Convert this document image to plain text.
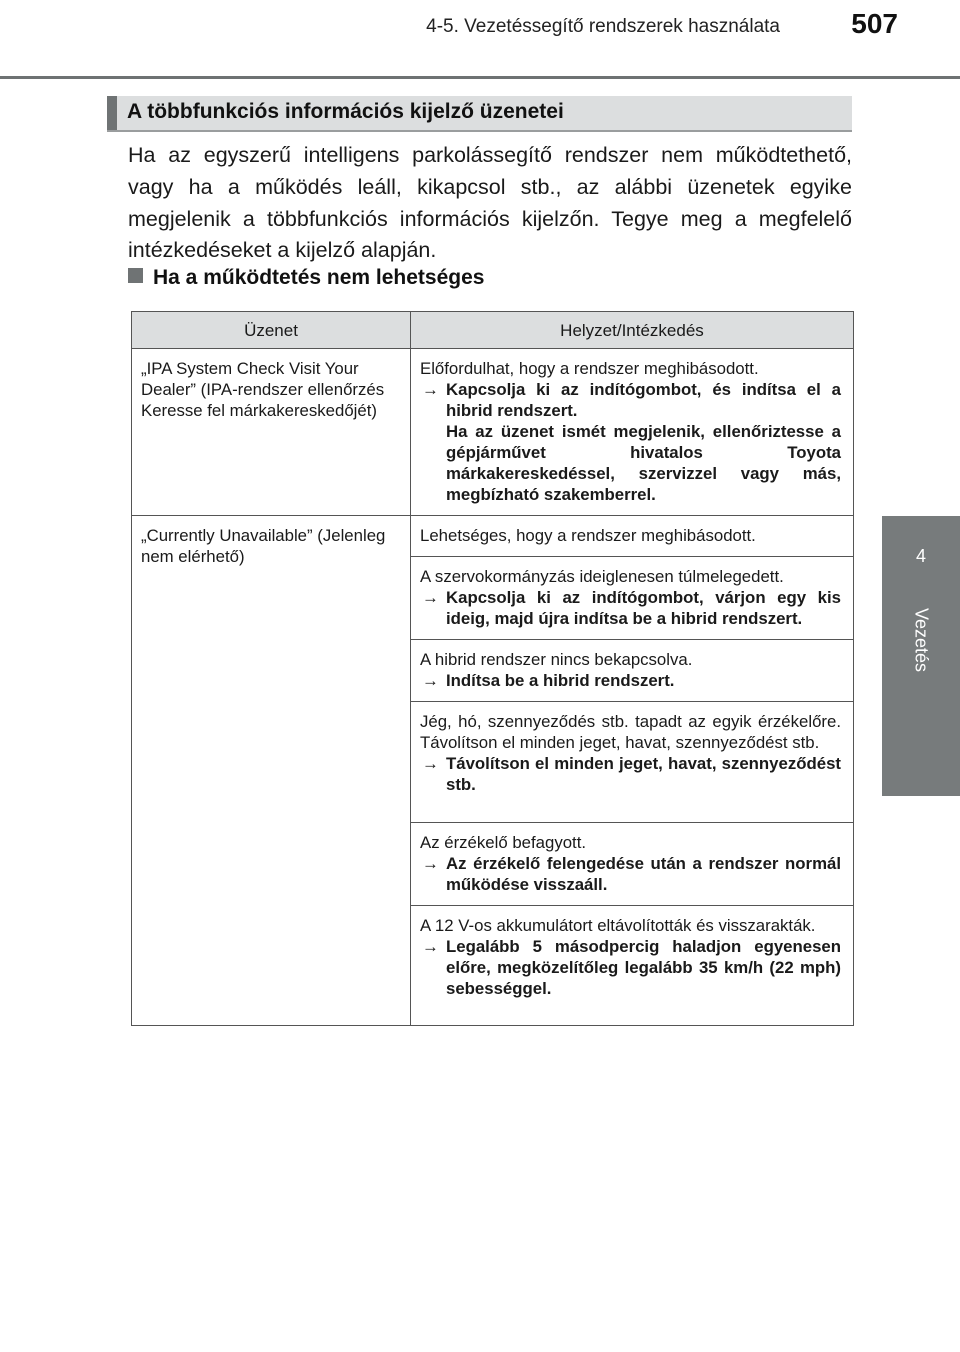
4-5. Vezetéssegítő rendszerek használata	507
4
Vezetés
A többfunkciós információs kijelző üzenetei
Ha az egyszerű intelligens parkolássegítő rendszer nem működtethető, vagy ha a működés leáll, kikapcsol stb., az alábbi üzenetek egyike megjelenik a többfunkciós információs kijelzőn. Tegye meg a megfelelő intézkedéseket a kijelző alapján.
Ha a működtetés nem lehetséges
Üzenet	Helyzet/Intézkedés
„IPA System Check Visit Your Dealer” (IPA-rendszer ellenőrzés Keresse fel márkakereskedőjét)	Előfordulhat, hogy a rendszer meghibásodott.
→ Kapcsolja ki az indítógombot, és indítsa el a hibrid rendszert.
Ha az üzenet ismét megjelenik, ellenőriztesse a gépjárművet hivatalos Toyota márkakereskedéssel, szervizzel vagy más, megbízható szakemberrel.

„Currently Unavailable” (Jelenleg nem elérhető)	Lehetséges, hogy a rendszer meghibásodott.

	A szervokormányzás ideiglenesen túlmelegedett.
→ Kapcsolja ki az indítógombot, várjon egy kis ideig, majd újra indítsa be a hibrid rendszert.

	A hibrid rendszer nincs bekapcsolva.
→ Indítsa be a hibrid rendszert.

	Jég, hó, szennyeződés stb. tapadt az egyik érzékelőre. Távolítson el minden jeget, havat, szennyeződést stb.
→ Távolítson el minden jeget, havat, szennyeződést stb.

	Az érzékelő befagyott.
→ Az érzékelő felengedése után a rendszer normál működése visszaáll.

	A 12 V-os akkumulátort eltávolították és visszarakták.
→ Legalább 5 másodpercig haladjon egyenesen előre, megközelítőleg legalább 35 km/h (22 mph) sebességgel.
